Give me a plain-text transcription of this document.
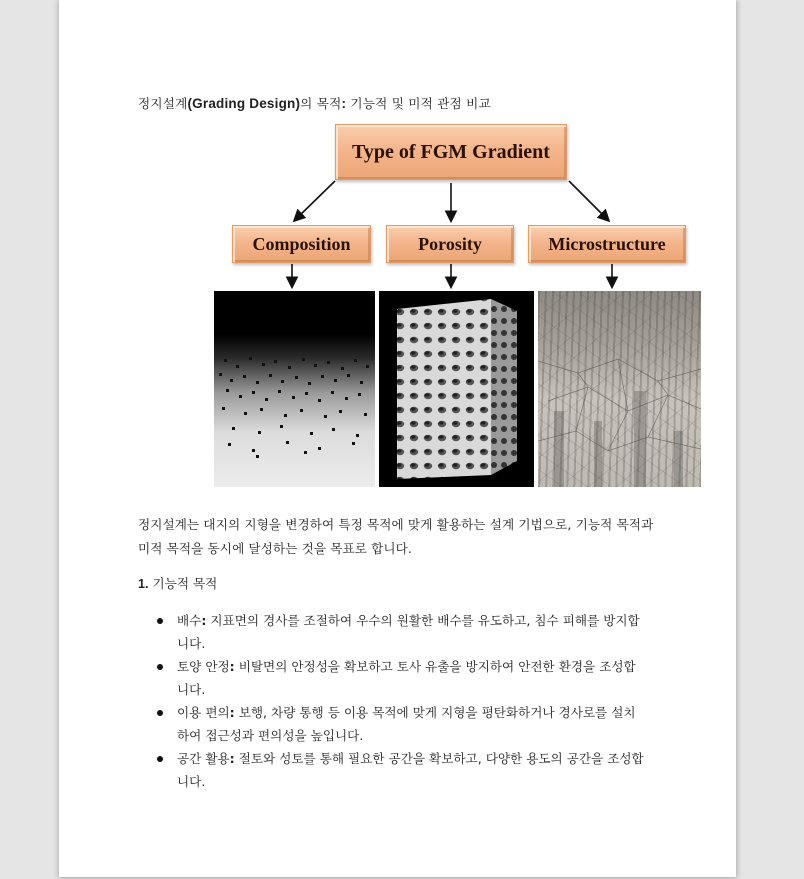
정지설계(Grading Design)의 목적: 기능적 및 미적 관점 비교
Type of FGM Gradient
Composition	Porosity	Microstructure

정지설계는 대지의 지형을 변경하여 특정 목적에 맞게 활용하는 설계 기법으로, 기능적 목적과 미적 목적을 동시에 달성하는 것을 목표로 합니다.

1. 기능적 목적
배수: 지표면의 경사를 조절하여 우수의 원활한 배수를 유도하고, 침수 피해를 방지합니다.
토양 안정: 비탈면의 안정성을 확보하고 토사 유출을 방지하여 안전한 환경을 조성합니다.
이용 편의: 보행, 차량 통행 등 이용 목적에 맞게 지형을 평탄화하거나 경사로를 설치하여 접근성과 편의성을 높입니다.
공간 활용: 절토와 성토를 통해 필요한 공간을 확보하고, 다양한 용도의 공간을 조성합니다.
